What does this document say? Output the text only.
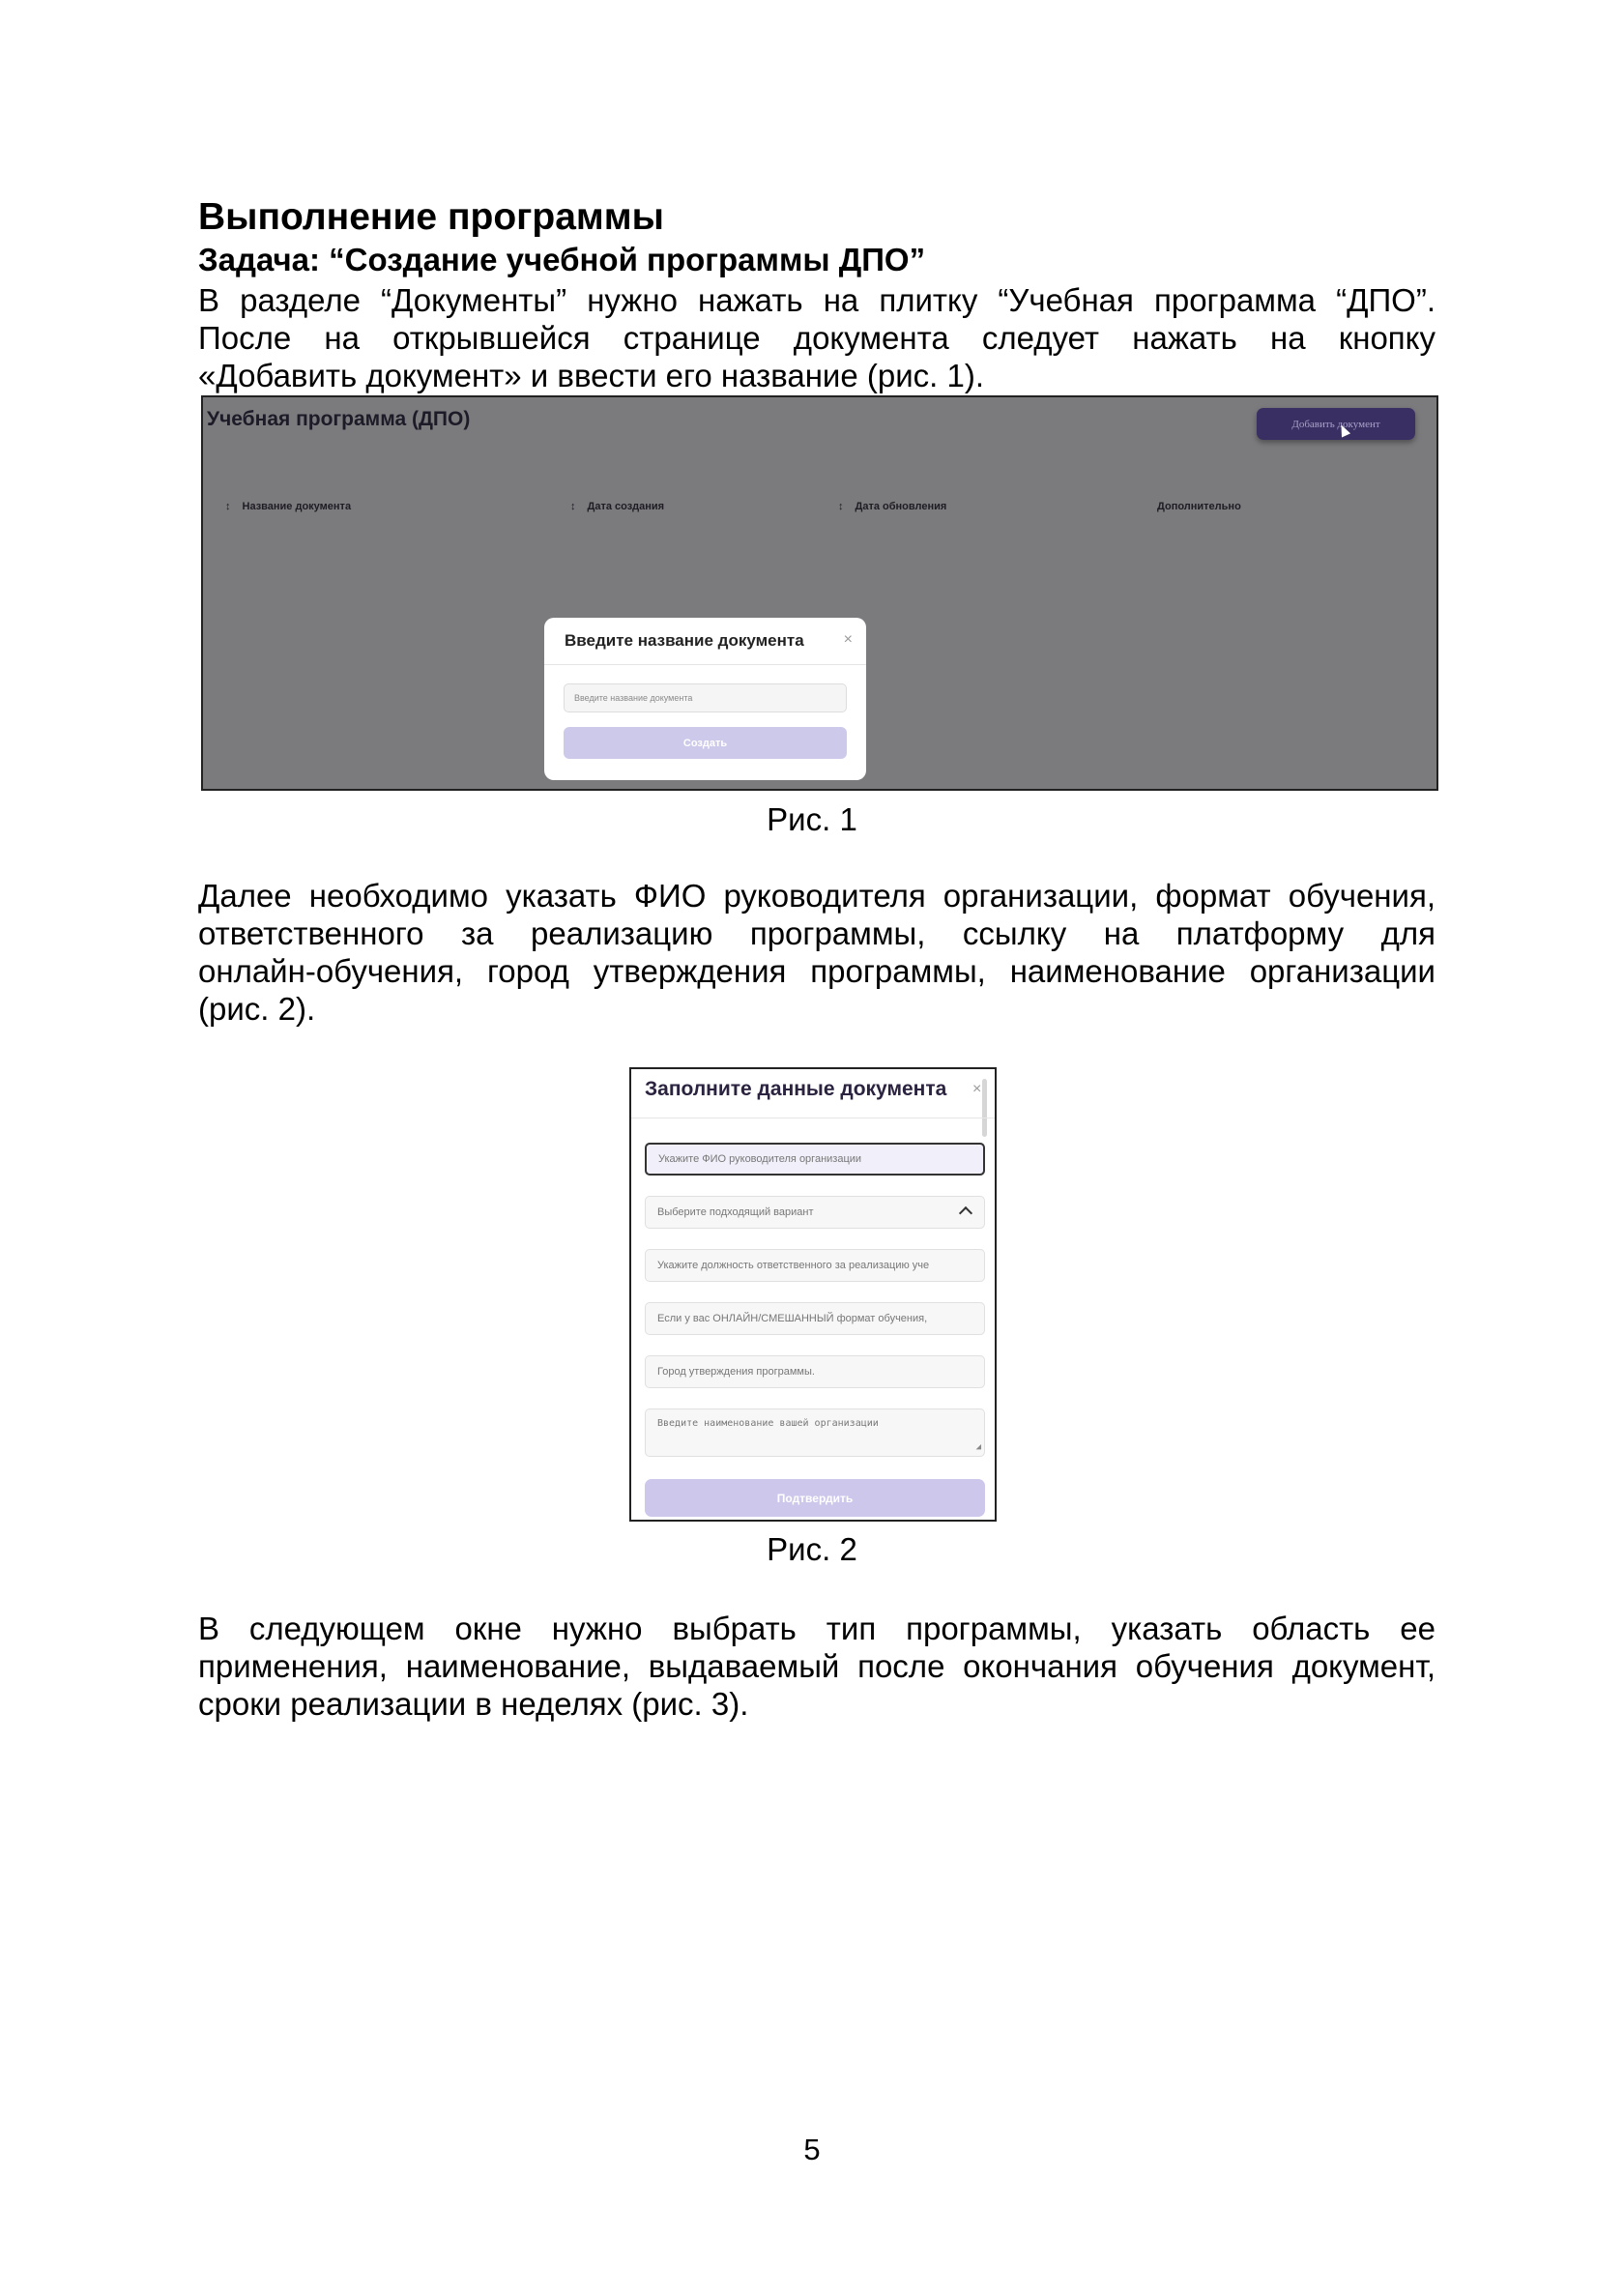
Выполнение программы
Задача: “Создание учебной программы ДПО”

В разделе “Документы” нужно нажать на плитку “Учебная программа “ДПО”.
После на открывшейся странице документа следует нажать на кнопку
«Добавить документ» и ввести его название (рис. 1).

Учебная программа (ДПО)	Добавить документ
↕ Название документа	↕ Дата создания	↕ Дата обновления	Дополнительно
Введите название документа	×
Введите название документа
Создать

Рис. 1

Далее необходимо указать ФИО руководителя организации, формат обучения,
ответственного за реализацию программы, ссылку на платформу для
онлайн-обучения, город утверждения программы, наименование организации
(рис. 2).

Заполните данные документа ×
Укажите ФИО руководителя организации
Выберите подходящий вариант
Укажите должность ответственного за реализацию уче
Если у вас ОНЛАЙН/СМЕШАННЫЙ формат обучения,
Город утверждения программы.
Введите наименование вашей организации
◢
Подтвердить

Рис. 2

В следующем окне нужно выбрать тип программы, указать область ее
применения, наименование, выдаваемый после окончания обучения документ,
сроки реализации в неделях (рис. 3).

5
